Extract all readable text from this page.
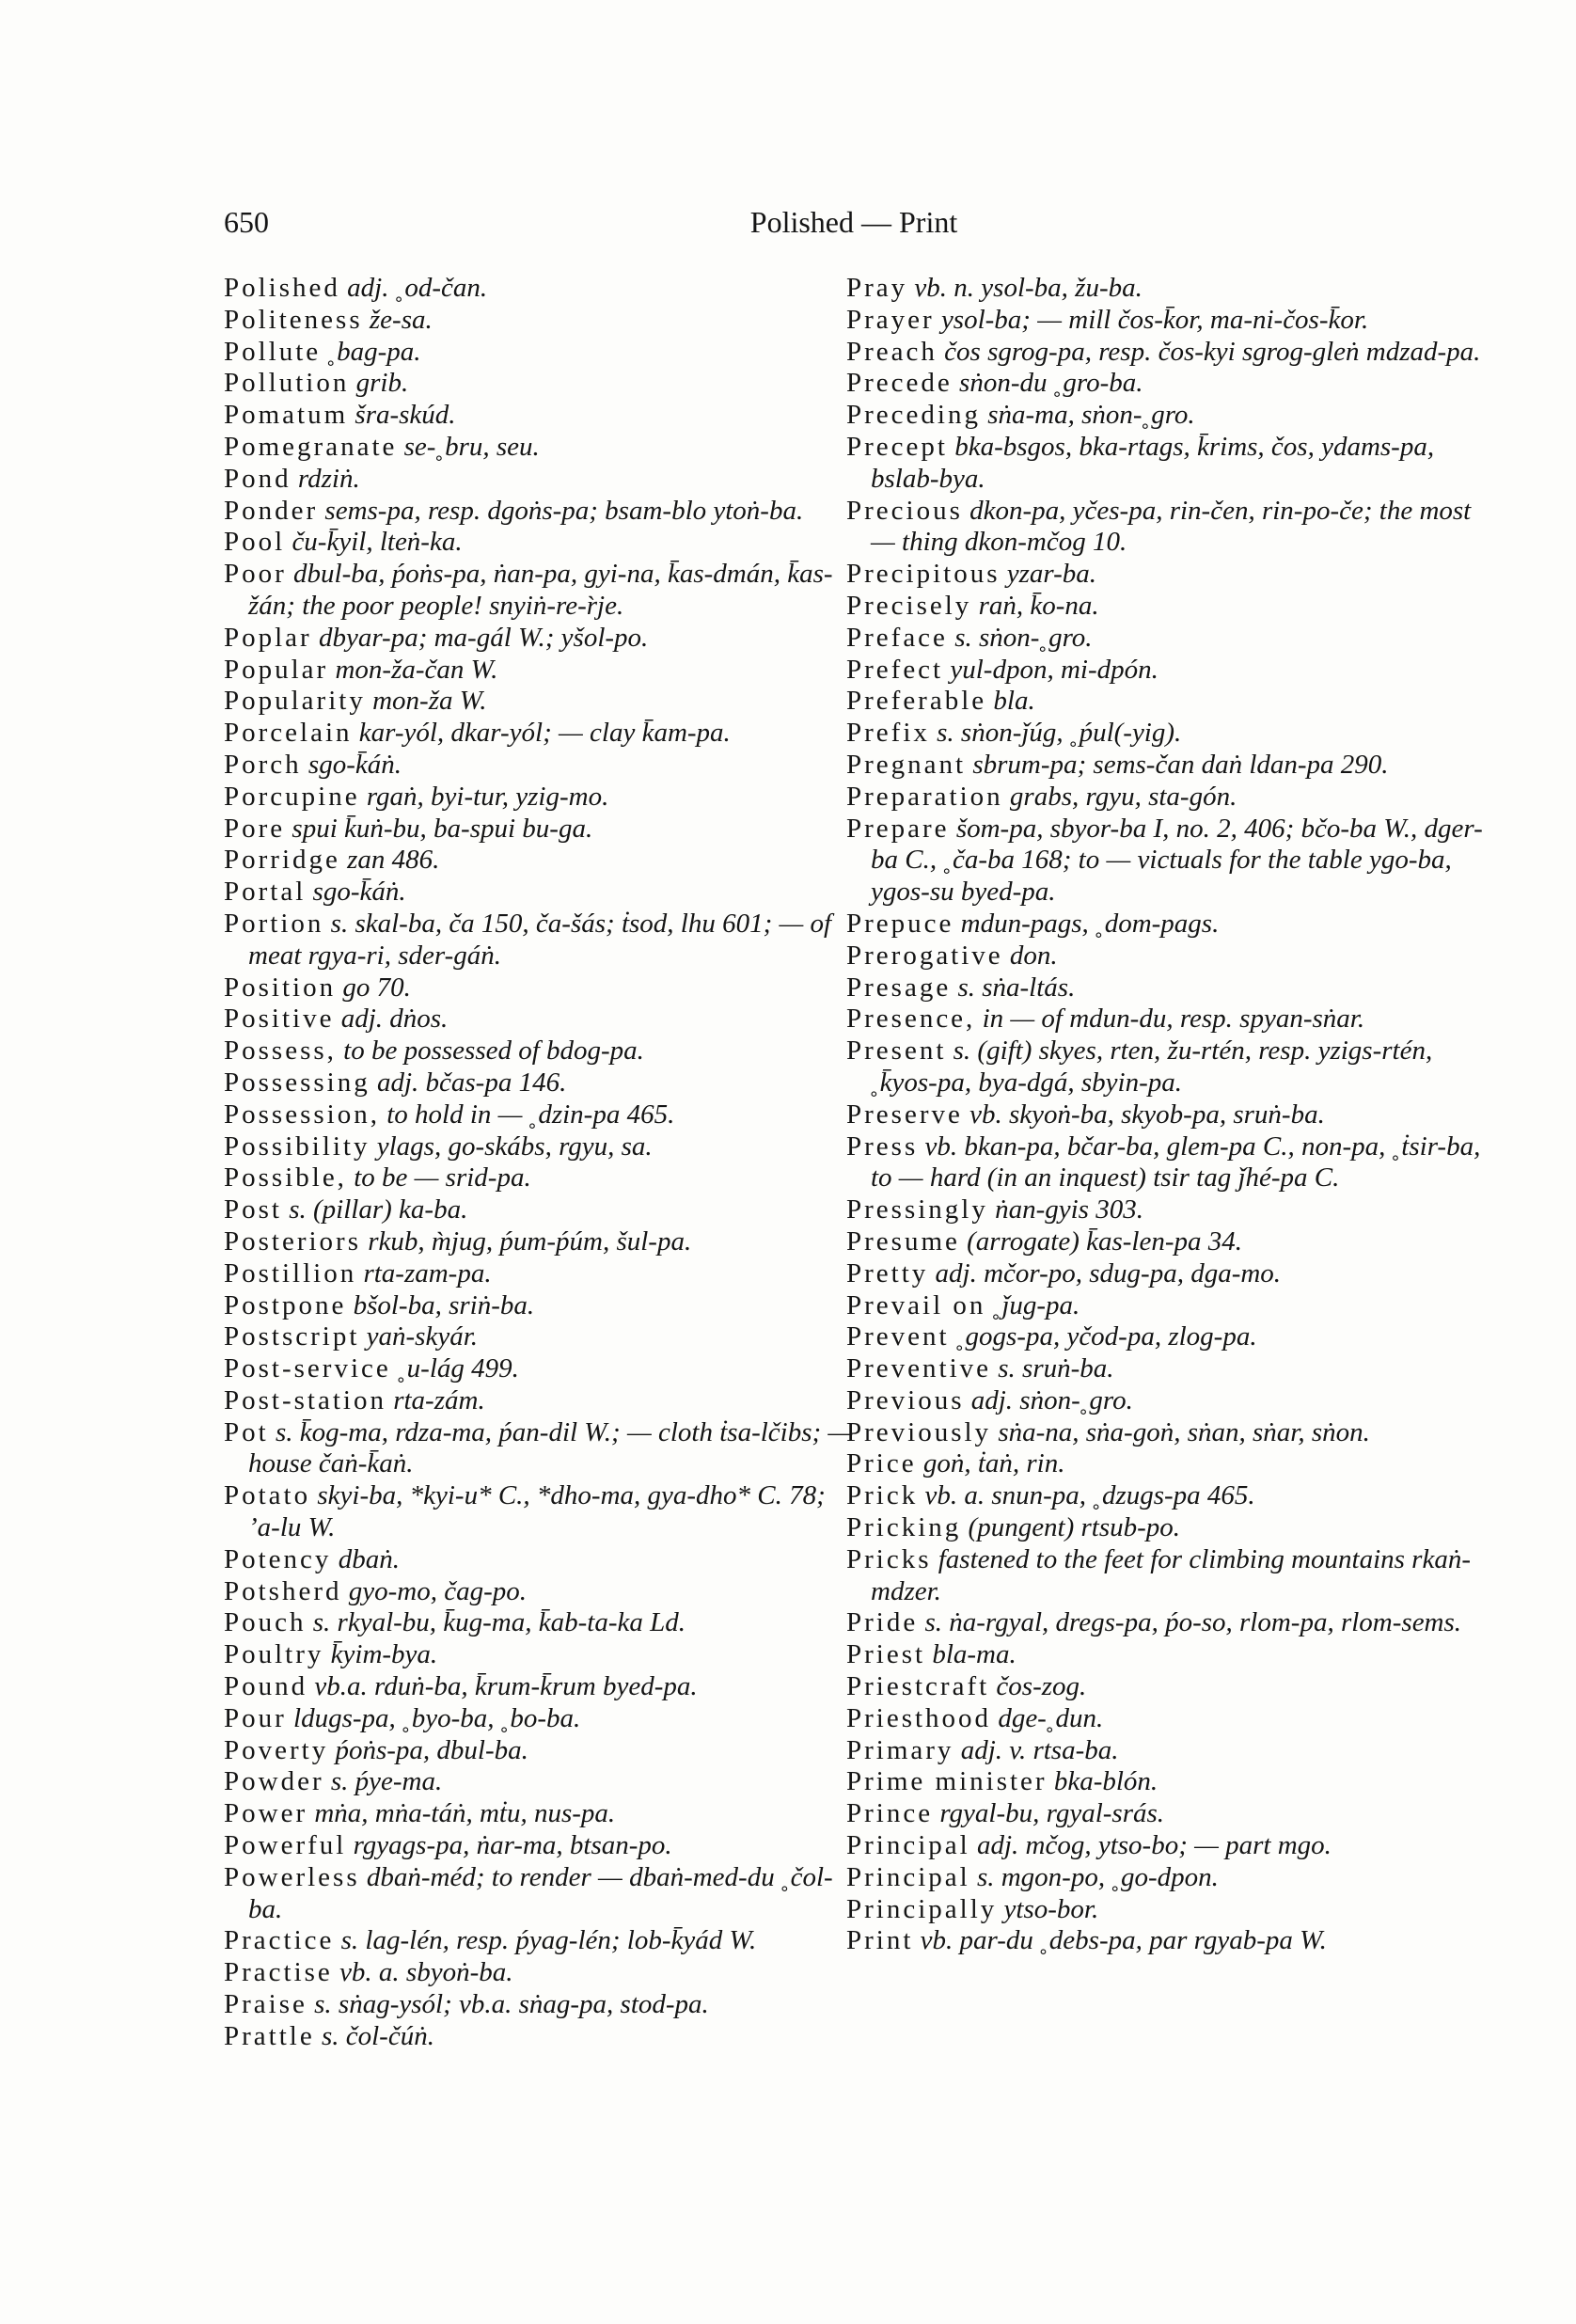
650	Polished — Print

Polished adj. ˳od-čan.

Politeness že-sa.

Pollute ˳bag-pa.

Pollution grib.

Pomatum šra-skúd.

Pomegranate se-˳bru, seu.

Pond rdziṅ.

Ponder sems-pa, resp. dgoṅs-pa; bsam-blo ytoṅ-ba.

Pool ču-k̄yil, lteṅ-ka.

Poor dbul-ba, ṕoṅs-pa, ṅan-pa, gyi-na, k̄as-dmán, k̄as-žán; the poor people! snyiṅ-re-r̀je.

Poplar dbyar-pa; ma-gál W.; yšol-po.

Popular mon-ža-čan W.

Popularity mon-ža W.

Porcelain kar-yól, dkar-yól; — clay k̄am-pa.

Porch sgo-k̄áṅ.

Porcupine rgaṅ, byi-tur, yzig-mo.

Pore spui k̄uṅ-bu, ba-spui bu-ga.

Porridge zan 486.

Portal sgo-k̄áṅ.

Portion s. skal-ba, ča 150, ča-šás; ṫsod, lhu 601; — of meat rgya-ri, sder-gáṅ.

Position go 70.

Positive adj. dṅos.

Possess, to be possessed of bdog-pa.

Possessing adj. bčas-pa 146.

Possession, to hold in — ˳dzin-pa 465.

Possibility ylags, go-skábs, rgyu, sa.

Possible, to be — srid-pa.

Post s. (pillar) ka-ba.

Posteriors rkub, m̀jug, ṕum-ṕúm, šul-pa.

Postillion rta-zam-pa.

Postpone bšol-ba, sriṅ-ba.

Postscript yaṅ-skyár.

Post-service ˳u-lág 499.

Post-station rta-zám.

Pot s. k̄og-ma, rdza-ma, ṕan-dil W.; — cloth ṫsa-lčibs; — house čaṅ-k̄aṅ.

Potato skyi-ba, *kyi-u* C., *dho-ma, gya-dho* C. 78; ’a-lu W.

Potency dbaṅ.

Potsherd gyo-mo, čag-po.

Pouch s. rkyal-bu, k̄ug-ma, k̄ab-ta-ka Ld.

Poultry k̄yim-bya.

Pound vb.a. rduṅ-ba, k̄rum-k̄rum byed-pa.

Pour ldugs-pa, ˳byo-ba, ˳bo-ba.

Poverty ṕoṅs-pa, dbul-ba.

Powder s. ṕye-ma.

Power mṅa, mṅa-táṅ, mṫu, nus-pa.

Powerful rgyags-pa, ṅar-ma, btsan-po.

Powerless dbaṅ-méd; to render — dbaṅ-med-du ˳čol-ba.

Practice s. lag-lén, resp. ṕyag-lén; lob-k̄yád W.

Practise vb. a. sbyoṅ-ba.

Praise s. sṅag-ysól; vb.a. sṅag-pa, stod-pa.

Prattle s. čol-čúṅ.

Pray vb. n. ysol-ba, žu-ba.

Prayer ysol-ba; — mill čos-k̄or, ma-ni-čos-k̄or.

Preach čos sgrog-pa, resp. čos-kyi sgrog-gleṅ mdzad-pa.

Precede sṅon-du ˳gro-ba.

Preceding sṅa-ma, sṅon-˳gro.

Precept bka-bsgos, bka-rtags, k̄rims, čos, ydams-pa, bslab-bya.

Precious dkon-pa, yčes-pa, rin-čen, rin-po-če; the most — thing dkon-mčog 10.

Precipitous yzar-ba.

Precisely raṅ, k̄o-na.

Preface s. sṅon-˳gro.

Prefect yul-dpon, mi-dpón.

Preferable bla.

Prefix s. sṅon-ǰúg, ˳ṕul(-yig).

Pregnant sbrum-pa; sems-čan daṅ ldan-pa 290.

Preparation grabs, rgyu, sta-gón.

Prepare šom-pa, sbyor-ba I, no. 2, 406; bčo-ba W., dger-ba C., ˳ča-ba 168; to — victuals for the table ygo-ba, ygos-su byed-pa.

Prepuce mdun-pags, ˳dom-pags.

Prerogative don.

Presage s. sṅa-ltás.

Presence, in — of mdun-du, resp. spyan-sṅar.

Present s. (gift) skyes, rten, žu-rtén, resp. yzigs-rtén, ˳k̄yos-pa, bya-dgá, sbyin-pa.

Preserve vb. skyoṅ-ba, skyob-pa, sruṅ-ba.

Press vb. bkan-pa, bčar-ba, glem-pa C., non-pa, ˳ṫsir-ba, to — hard (in an inquest) tsir tag ǰhé-pa C.

Pressingly ṅan-gyis 303.

Presume (arrogate) k̄as-len-pa 34.

Pretty adj. mčor-po, sdug-pa, dga-mo.

Prevail on ˳ǰug-pa.

Prevent ˳gogs-pa, yčod-pa, zlog-pa.

Preventive s. sruṅ-ba.

Previous adj. sṅon-˳gro.

Previously sṅa-na, sṅa-goṅ, sṅan, sṅar, sṅon.

Price goṅ, ṫaṅ, rin.

Prick vb. a. snun-pa, ˳dzugs-pa 465.

Pricking (pungent) rtsub-po.

Pricks fastened to the feet for climbing mountains rkaṅ-mdzer.

Pride s. ṅa-rgyal, dregs-pa, ṕo-so, rlom-pa, rlom-sems.

Priest bla-ma.

Priestcraft čos-zog.

Priesthood dge-˳dun.

Primary adj. v. rtsa-ba.

Prime minister bka-blón.

Prince rgyal-bu, rgyal-srás.

Principal adj. mčog, ytso-bo; — part mgo.

Principal s. mgon-po, ˳go-dpon.

Principally ytso-bor.

Print vb. par-du ˳debs-pa, par rgyab-pa W.
